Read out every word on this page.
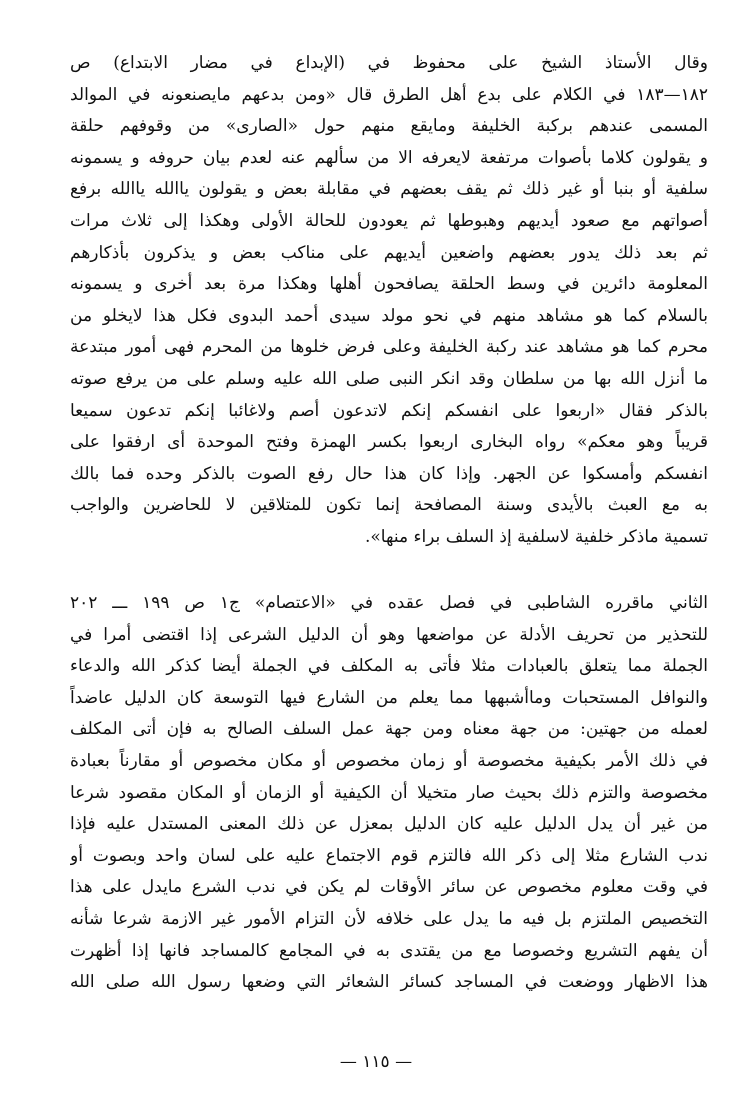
وقال الأستاذ الشيخ على محفوظ في (الإبداع في مضار الابتداع) ص
١٨٢—١٨٣ في الكلام على بدع أهل الطرق قال «ومن بدعهم مايصنعونه في الموالد
المسمى عندهم بركبة الخليفة ومايقع منهم حول «الصارى» من وقوفهم حلقة
و يقولون كلاما بأصوات مرتفعة لايعرفه الا من سألهم عنه لعدم بيان حروفه و يسمونه
سلفية أو بنبا أو غير ذلك ثم يقف بعضهم في مقابلة بعض و يقولون ياالله ياالله برفع
أصواتهم مع صعود أيديهم وهبوطها ثم يعودون للحالة الأولى وهكذا إلى ثلاث مرات
ثم بعد ذلك يدور بعضهم واضعين أيديهم على مناكب بعض و يذكرون بأذكارهم
المعلومة دائرين في وسط الحلقة يصافحون أهلها وهكذا مرة بعد أخرى و يسمونه
بالسلام كما هو مشاهد منهم في نحو مولد سيدى أحمد البدوى فكل هذا لايخلو من
محرم كما هو مشاهد عند ركبة الخليفة وعلى فرض خلوها من المحرم فهى أمور مبتدعة
ما أنزل الله بها من سلطان وقد انكر النبى صلى الله عليه وسلم على من يرفع صوته
بالذكر فقال «اربعوا على انفسكم إنكم لاتدعون أصم ولاغائبا إنكم تدعون سميعا
قريباً وهو معكم» رواه البخارى اربعوا بكسر الهمزة وفتح الموحدة أى ارفقوا على
انفسكم وأمسكوا عن الجهر. وإذا كان هذا حال رفع الصوت بالذكر وحده فما بالك
به مع العبث بالأيدى وسنة المصافحة إنما تكون للمتلاقين لا للحاضرين والواجب
تسمية ماذكر خلفية لاسلفية إذ السلف براء منها».
الثاني ماقرره الشاطبى في فصل عقده في «الاعتصام» ج١ ص ١٩٩ ـــ ٢٠٢
للتحذير من تحريف الأدلة عن مواضعها وهو أن الدليل الشرعى إذا اقتضى أمرا في
الجملة مما يتعلق بالعبادات مثلا فأتى به المكلف في الجملة أيضا كذكر الله والدعاء
والنوافل المستحبات وماأشبهها مما يعلم من الشارع فيها التوسعة كان الدليل عاضداً
لعمله من جهتين: من جهة معناه ومن جهة عمل السلف الصالح به فإن أتى المكلف
في ذلك الأمر بكيفية مخصوصة أو زمان مخصوص أو مكان مخصوص أو مقارناً بعبادة
مخصوصة والتزم ذلك بحيث صار متخيلا أن الكيفية أو الزمان أو المكان مقصود شرعا
من غير أن يدل الدليل عليه كان الدليل بمعزل عن ذلك المعنى المستدل عليه فإذا
ندب الشارع مثلا إلى ذكر الله فالتزم قوم الاجتماع عليه على لسان واحد وبصوت أو
في وقت معلوم مخصوص عن سائر الأوقات لم يكن في ندب الشرع مايدل على هذا
التخصيص الملتزم بل فيه ما يدل على خلافه لأن التزام الأمور غير الازمة شرعا شأنه
أن يفهم التشريع وخصوصا مع من يقتدى به في المجامع كالمساجد فانها إذا أظهرت
هذا الاظهار ووضعت في المساجد كسائر الشعائر التي وضعها رسول الله صلى الله
— ١١٥ —
